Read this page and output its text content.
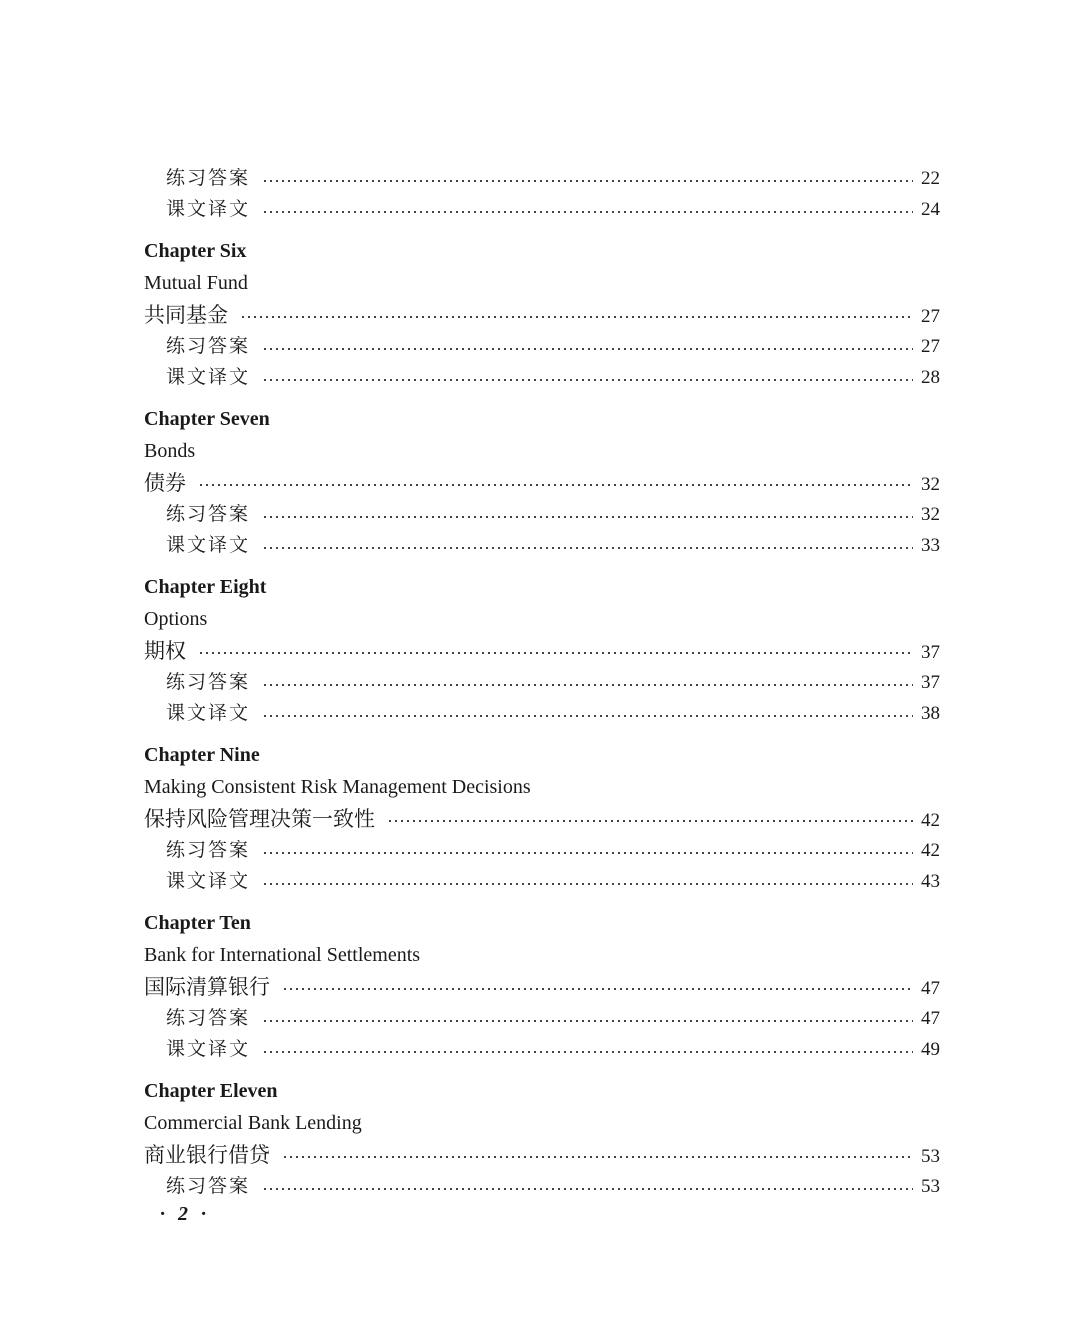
练习答案	22
课文译文	24
Chapter Six
Mutual Fund
共同基金	27
练习答案	27
课文译文	28
Chapter Seven
Bonds
债券	32
练习答案	32
课文译文	33
Chapter Eight
Options
期权	37
练习答案	37
课文译文	38
Chapter Nine
Making Consistent Risk Management Decisions
保持风险管理决策一致性	42
练习答案	42
课文译文	43
Chapter Ten
Bank for International Settlements
国际清算银行	47
练习答案	47
课文译文	49
Chapter Eleven
Commercial Bank Lending
商业银行借贷	53
练习答案	53
· 2 ·
